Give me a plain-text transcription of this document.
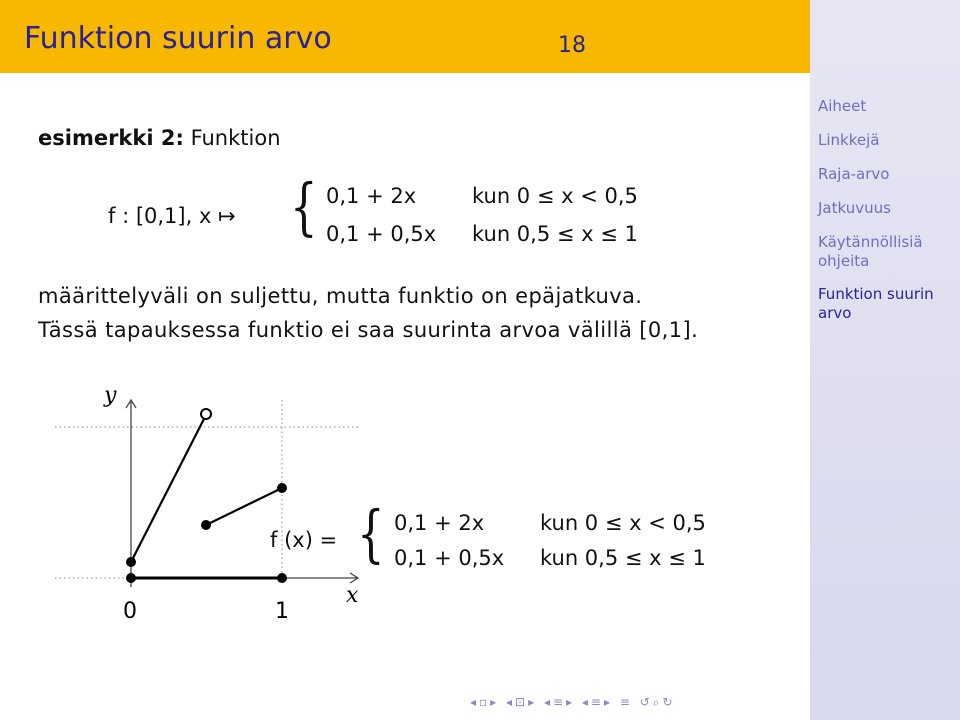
Funktion suurin arvo	18
esimerkki 2: Funktion
f : [0,1], x ↦ { 0,1 + 2x	kun 0 ≤ x < 0,5
0,1 + 0,5x kun 0,5 ≤ x ≤ 1
määrittelyväli on suljettu, mutta funktio on epäjatkuva.
Tässä tapauksessa funktio ei saa suurinta arvoa välillä [0,1].
y
x
0	1
f (x) = { 0,1 + 2x	kun 0 ≤ x < 0,5
0,1 + 0,5x kun 0,5 ≤ x ≤ 1
◂▫▸ ◂⊡▸ ◂≡▸ ◂≡▸ ≡ ↺⌕↻
Aiheet
Linkkejä
Raja-arvo
Jatkuvuus
Käytännöllisiä ohjeita
Funktion suurin arvo
